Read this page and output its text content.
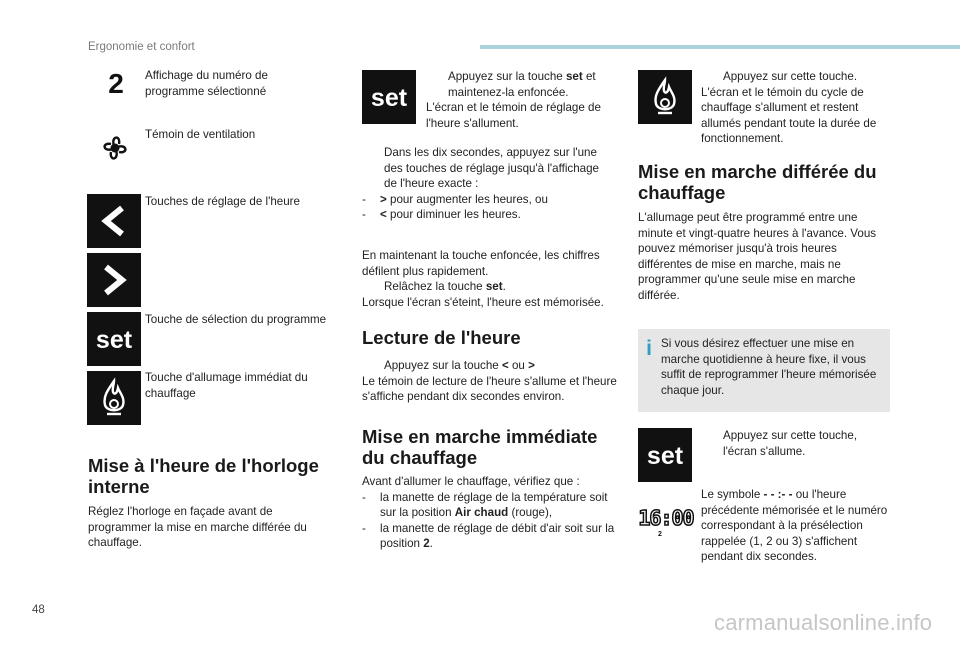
Ergonomie et confort
2	Affichage du numéro de programme sélectionné
Témoin de ventilation
Touches de réglage de l'heure
set
Touche de sélection du programme
Touche d'allumage immédiat du chauffage
Mise à l'heure de l'horloge interne
Réglez l'horloge en façade avant de programmer la mise en marche différée du chauffage.
set
Appuyez sur la touche set et maintenez-la enfoncée.
L'écran et le témoin de réglage de l'heure s'allument.
Dans les dix secondes, appuyez sur l'une des touches de réglage jusqu'à l'affichage de l'heure exacte :
- > pour augmenter les heures, ou
- < pour diminuer les heures.
En maintenant la touche enfoncée, les chiffres défilent plus rapidement.
Relâchez la touche set.
Lorsque l'écran s'éteint, l'heure est mémorisée.
Lecture de l'heure
Appuyez sur la touche < ou >
Le témoin de lecture de l'heure s'allume et l'heure s'affiche pendant dix secondes environ.
Mise en marche immédiate du chauffage
Avant d'allumer le chauffage, vérifiez que :
- la manette de réglage de la température soit sur la position Air chaud (rouge),
- la manette de réglage de débit d'air soit sur la position 2.
Appuyez sur cette touche.
L'écran et le témoin du cycle de chauffage s'allument et restent allumés pendant toute la durée de fonctionnement.
Mise en marche différée du chauffage
L'allumage peut être programmé entre une minute et vingt-quatre heures à l'avance. Vous pouvez mémoriser jusqu'à trois heures différentes de mise en marche, mais ne programmer qu'une seule mise en marche différée.
i Si vous désirez effectuer une mise en marche quotidienne à heure fixe, il vous suffit de reprogrammer l'heure mémorisée chaque jour.
set
Appuyez sur cette touche, l'écran s'allume.
16:00
2
Le symbole - - :- - ou l'heure précédente mémorisée et le numéro correspondant à la présélection rappelée (1, 2 ou 3) s'affichent pendant dix secondes.
48	carmanualsonline.info
